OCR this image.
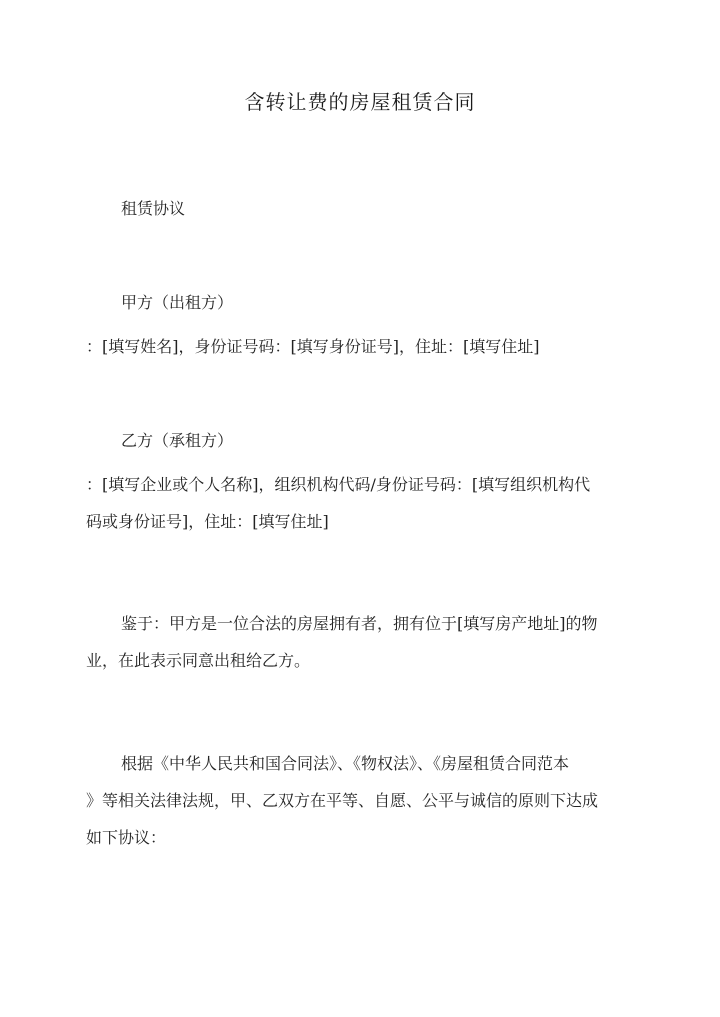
含转让费的房屋租赁合同

租赁协议

甲方（出租方）

：[填写姓名]，身份证号码：[填写身份证号]，住址：[填写住址]

乙方（承租方）

：[填写企业或个人名称]，组织机构代码/身份证号码：[填写组织机构代
码或身份证号]，住址：[填写住址]

鉴于：甲方是一位合法的房屋拥有者，拥有位于[填写房产地址]的物
业，在此表示同意出租给乙方。

根据《中华人民共和国合同法》、《物权法》、《房屋租赁合同范本
》等相关法律法规，甲、乙双方在平等、自愿、公平与诚信的原则下达成
如下协议：
